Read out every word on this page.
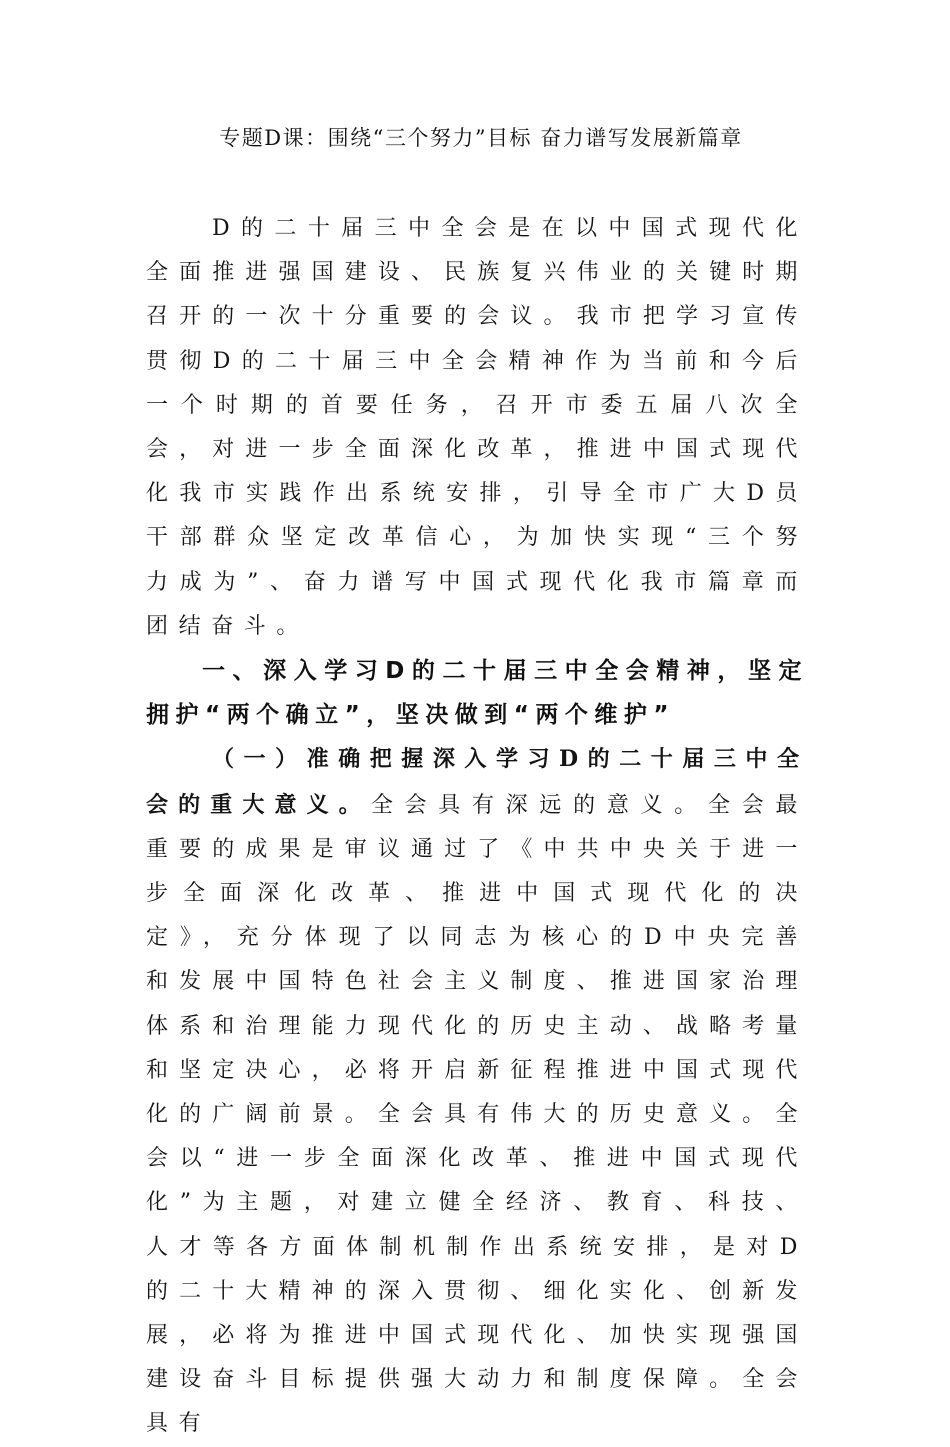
专题D课：围绕“三个努力”目标 奋力谱写发展新篇章

D的二十届三中全会是在以中国式现代化全面推进强国建设、民族复兴伟业的关键时期召开的一次十分重要的会议。我市把学习宣传贯彻D的二十届三中全会精神作为当前和今后一个时期的首要任务，召开市委五届八次全会，对进一步全面深化改革，推进中国式现代化我市实践作出系统安排，引导全市广大D员干部群众坚定改革信心，为加快实现“三个努力成为”、奋力谱写中国式现代化我市篇章而团结奋斗。

一、深入学习D的二十届三中全会精神，坚定拥护“两个确立”，坚决做到“两个维护”

（一）准确把握深入学习D的二十届三中全会的重大意义。全会具有深远的意义。全会最重要的成果是审议通过了《中共中央关于进一步全面深化改革、推进中国式现代化的决定》，充分体现了以同志为核心的D中央完善和发展中国特色社会主义制度、推进国家治理体系和治理能力现代化的历史主动、战略考量和坚定决心，必将开启新征程推进中国式现代化的广阔前景。全会具有伟大的历史意义。全会以“进一步全面深化改革、推进中国式现代化”为主题，对建立健全经济、教育、科技、人才等各方面体制机制作出系统安排，是对D的二十大精神的深入贯彻、细化实化、创新发展，必将为推进中国式现代化、加快实现强国建设奋斗目标提供强大动力和制度保障。全会具有
